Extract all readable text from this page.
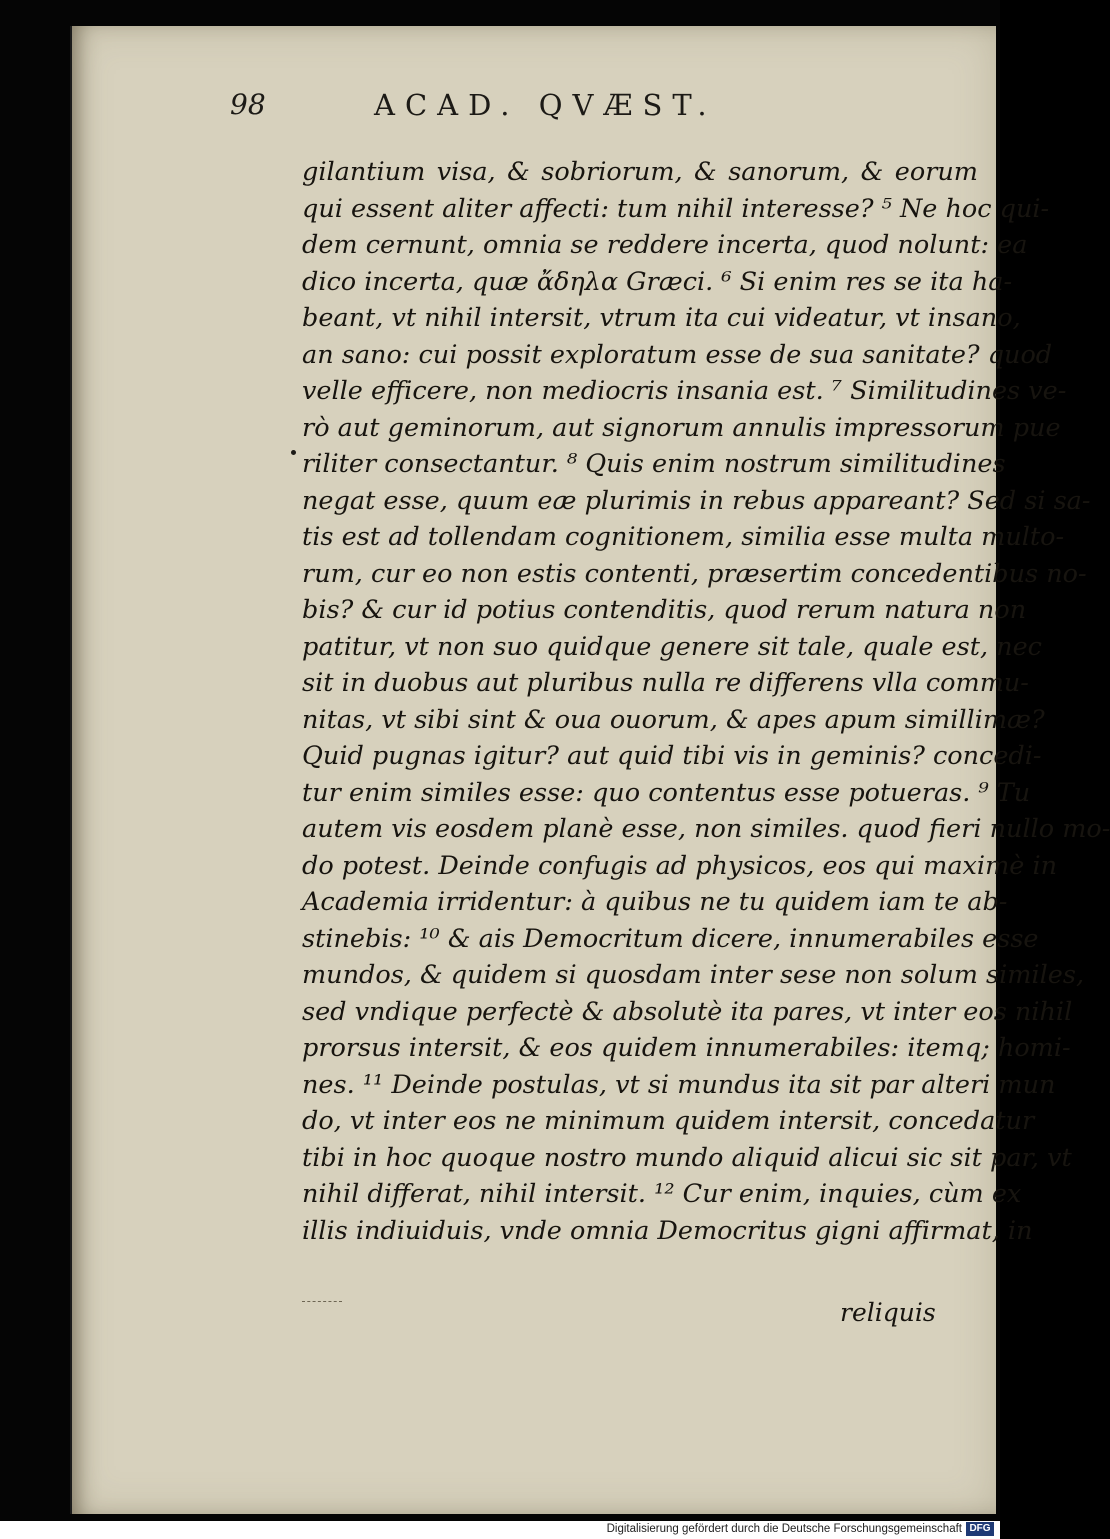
98	ACAD. QVÆST.
gilantium visa, & sobriorum, & sanorum, & eorum
qui essent aliter affecti: tum nihil interesse? ⁵ Ne hoc qui-
dem cernunt, omnia se reddere incerta, quod nolunt: ea
dico incerta, quæ ἄδηλα Græci. ⁶ Si enim res se ita ha-
beant, vt nihil intersit, vtrum ita cui videatur, vt insano,
an sano: cui possit exploratum esse de sua sanitate? quod
velle efficere, non mediocris insania est. ⁷ Similitudines ve-
rò aut geminorum, aut signorum annulis impressorum pue
riliter consectantur. ⁸ Quis enim nostrum similitudines
negat esse, quum eæ plurimis in rebus appareant? Sed si sa-
tis est ad tollendam cognitionem, similia esse multa multo-
rum, cur eo non estis contenti, præsertim concedentibus no-
bis? & cur id potius contenditis, quod rerum natura non
patitur, vt non suo quidque genere sit tale, quale est, nec
sit in duobus aut pluribus nulla re differens vlla commu-
nitas, vt sibi sint & oua ouorum, & apes apum simillimæ?
Quid pugnas igitur? aut quid tibi vis in geminis? concedi-
tur enim similes esse: quo contentus esse potueras. ⁹ Tu
autem vis eosdem planè esse, non similes. quod fieri nullo mo-
do potest. Deinde confugis ad physicos, eos qui maximè in
Academia irridentur: à quibus ne tu quidem iam te ab-
stinebis: ¹⁰ & ais Democritum dicere, innumerabiles esse
mundos, & quidem si quosdam inter sese non solum similes,
sed vndique perfectè & absolutè ita pares, vt inter eos nihil
prorsus intersit, & eos quidem innumerabiles: itemq; homi-
nes. ¹¹ Deinde postulas, vt si mundus ita sit par alteri mun
do, vt inter eos ne minimum quidem intersit, concedatur
tibi in hoc quoque nostro mundo aliquid alicui sic sit par, vt
nihil differat, nihil intersit. ¹² Cur enim, inquies, cùm ex
illis indiuiduis, vnde omnia Democritus gigni affirmat, in
reliquis
Digitalisierung gefördert durch die Deutsche Forschungsgemeinschaft DFG
